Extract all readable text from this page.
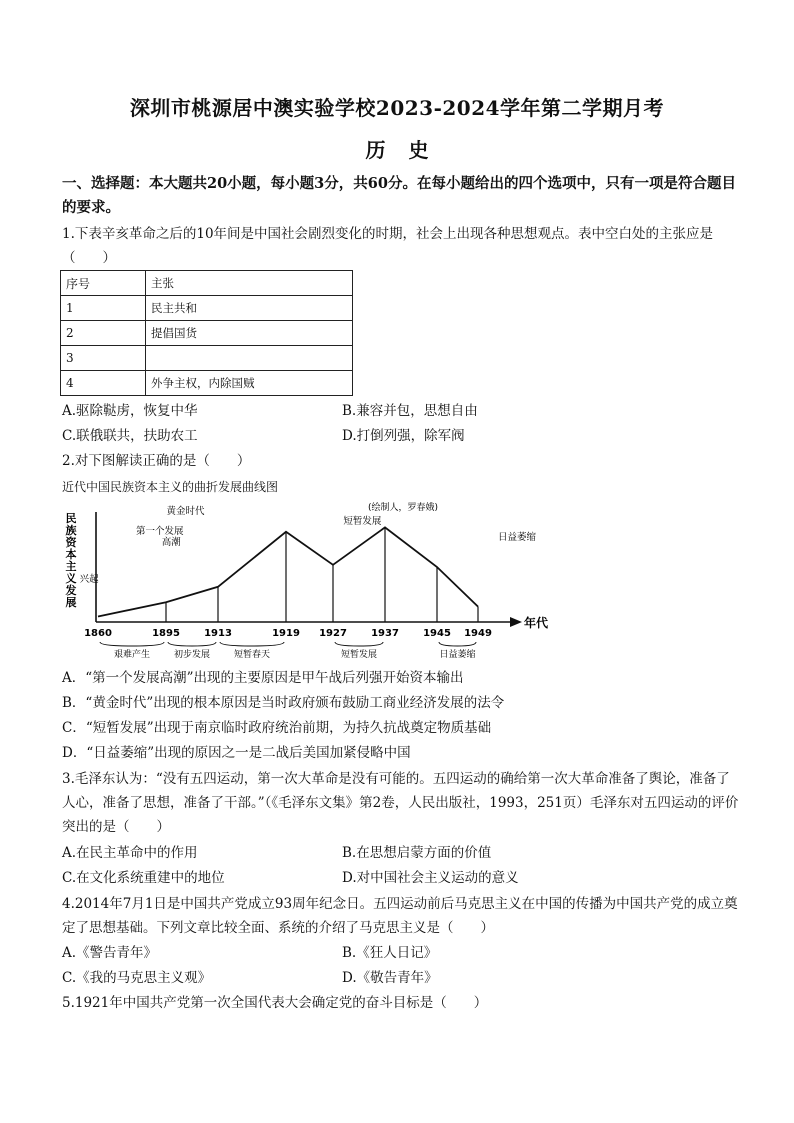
深圳市桃源居中澳实验学校2023-2024学年第二学期月考
历 史
一、选择题：本大题共20小题，每小题3分，共60分。在每小题给出的四个选项中，只有一项是符合题目的要求。
1.下表辛亥革命之后的10年间是中国社会剧烈变化的时期，社会上出现各种思想观点。表中空白处的主张应是（　　）
序号	主张
1	民主共和
2	提倡国货
3	
4	外争主权，内除国贼
A.驱除鞑虏，恢复中华	B.兼容并包，思想自由
C.联俄联共，扶助农工	D.打倒列强，除军阀
2.对下图解读正确的是（　　）
近代中国民族资本主义的曲折发展曲线图
(绘制人，罗春娥)
民
族
资
本
主
义
发
展
年代
兴起
第一个发展
高潮
黄金时代
短暂发展
日益萎缩
1860	1895 1913	1919 1927 1937 1945 1949
艰难产生	初步发展	短暂春天	短暂发展	日益萎缩
A．“第一个发展高潮”出现的主要原因是甲午战后列强开始资本输出
B．“黄金时代”出现的根本原因是当时政府颁布鼓励工商业经济发展的法令
C．“短暂发展”出现于南京临时政府统治前期，为持久抗战奠定物质基础
D．“日益萎缩”出现的原因之一是二战后美国加紧侵略中国
3.毛泽东认为：“没有五四运动，第一次大革命是没有可能的。五四运动的确给第一次大革命准备了舆论，准备了人心，准备了思想，准备了干部。”（《毛泽东文集》第2卷，人民出版社，1993，251页）毛泽东对五四运动的评价突出的是（　　）
A.在民主革命中的作用	B.在思想启蒙方面的价值
C.在文化系统重建中的地位	D.对中国社会主义运动的意义
4.2014年7月1日是中国共产党成立93周年纪念日。五四运动前后马克思主义在中国的传播为中国共产党的成立奠定了思想基础。下列文章比较全面、系统的介绍了马克思主义是（　　）
A.《警告青年》	B.《狂人日记》
C.《我的马克思主义观》	D.《敬告青年》
5.1921年中国共产党第一次全国代表大会确定党的奋斗目标是（　　）
